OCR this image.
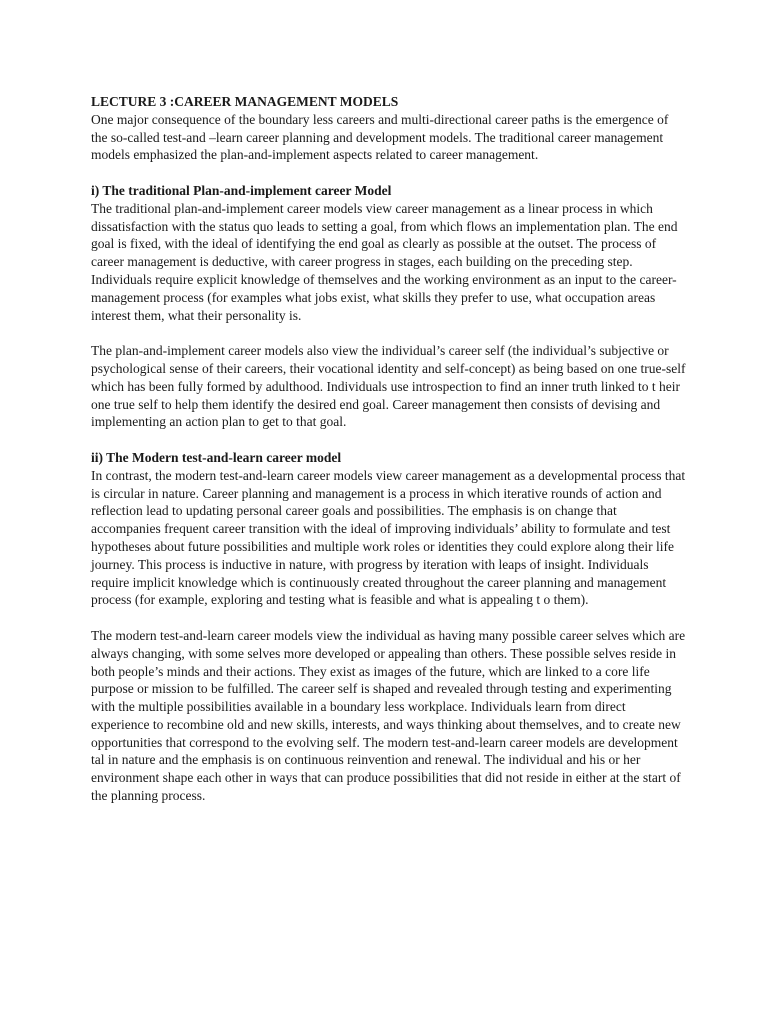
LECTURE 3 :CAREER MANAGEMENT MODELS

One major consequence of the boundary less careers and multi-directional career paths is the emergence of the so-called test-and –learn career planning and development models. The traditional career management models emphasized the plan-and-implement aspects related to career management.

i) The traditional Plan-and-implement career Model

The traditional plan-and-implement career models view career management as a linear process in which dissatisfaction with the status quo leads to setting a goal, from which flows an implementation plan. The end goal is fixed, with the ideal of identifying the end goal as clearly as possible at the outset. The process of career management is deductive, with career progress in stages, each building on the preceding step. Individuals require explicit knowledge of themselves and the working environment as an input to the career-management process (for examples what jobs exist, what skills they prefer to use, what occupation areas interest them, what their personality is.

The plan-and-implement career models also view the individual’s career self (the individual’s subjective or psychological sense of their careers, their vocational identity and self-concept) as being based on one true-self which has been fully formed by adulthood. Individuals use introspection to find an inner truth linked to t heir one true self to help them identify the desired end goal. Career management then consists of devising and implementing an action plan to get to that goal.

ii) The Modern test-and-learn career model

In contrast, the modern test-and-learn career models view career management as a developmental process that is circular in nature. Career planning and management is a process in which iterative rounds of action and reflection lead to updating personal career goals and possibilities. The emphasis is on change that accompanies frequent career transition with the ideal of improving individuals’ ability to formulate and test hypotheses about future possibilities and multiple work roles or identities they could explore along their life journey. This process is inductive in nature, with progress by iteration with leaps of insight. Individuals require implicit knowledge which is continuously created throughout the career planning and management process (for example, exploring and testing what is feasible and what is appealing t o them).

The modern test-and-learn career models view the individual as having many possible career selves which are always changing, with some selves more developed or appealing than others. These possible selves reside in both people’s minds and their actions. They exist as images of the future, which are linked to a core life purpose or mission to be fulfilled. The career self is shaped and revealed through testing and experimenting with the multiple possibilities available in a boundary less workplace. Individuals learn from direct experience to recombine old and new skills, interests, and ways thinking about themselves, and to create new opportunities that correspond to the evolving self. The modern test-and-learn career models are development tal in nature and the emphasis is on continuous reinvention and renewal. The individual and his or her environment shape each other in ways that can produce possibilities that did not reside in either at the start of the planning process.
